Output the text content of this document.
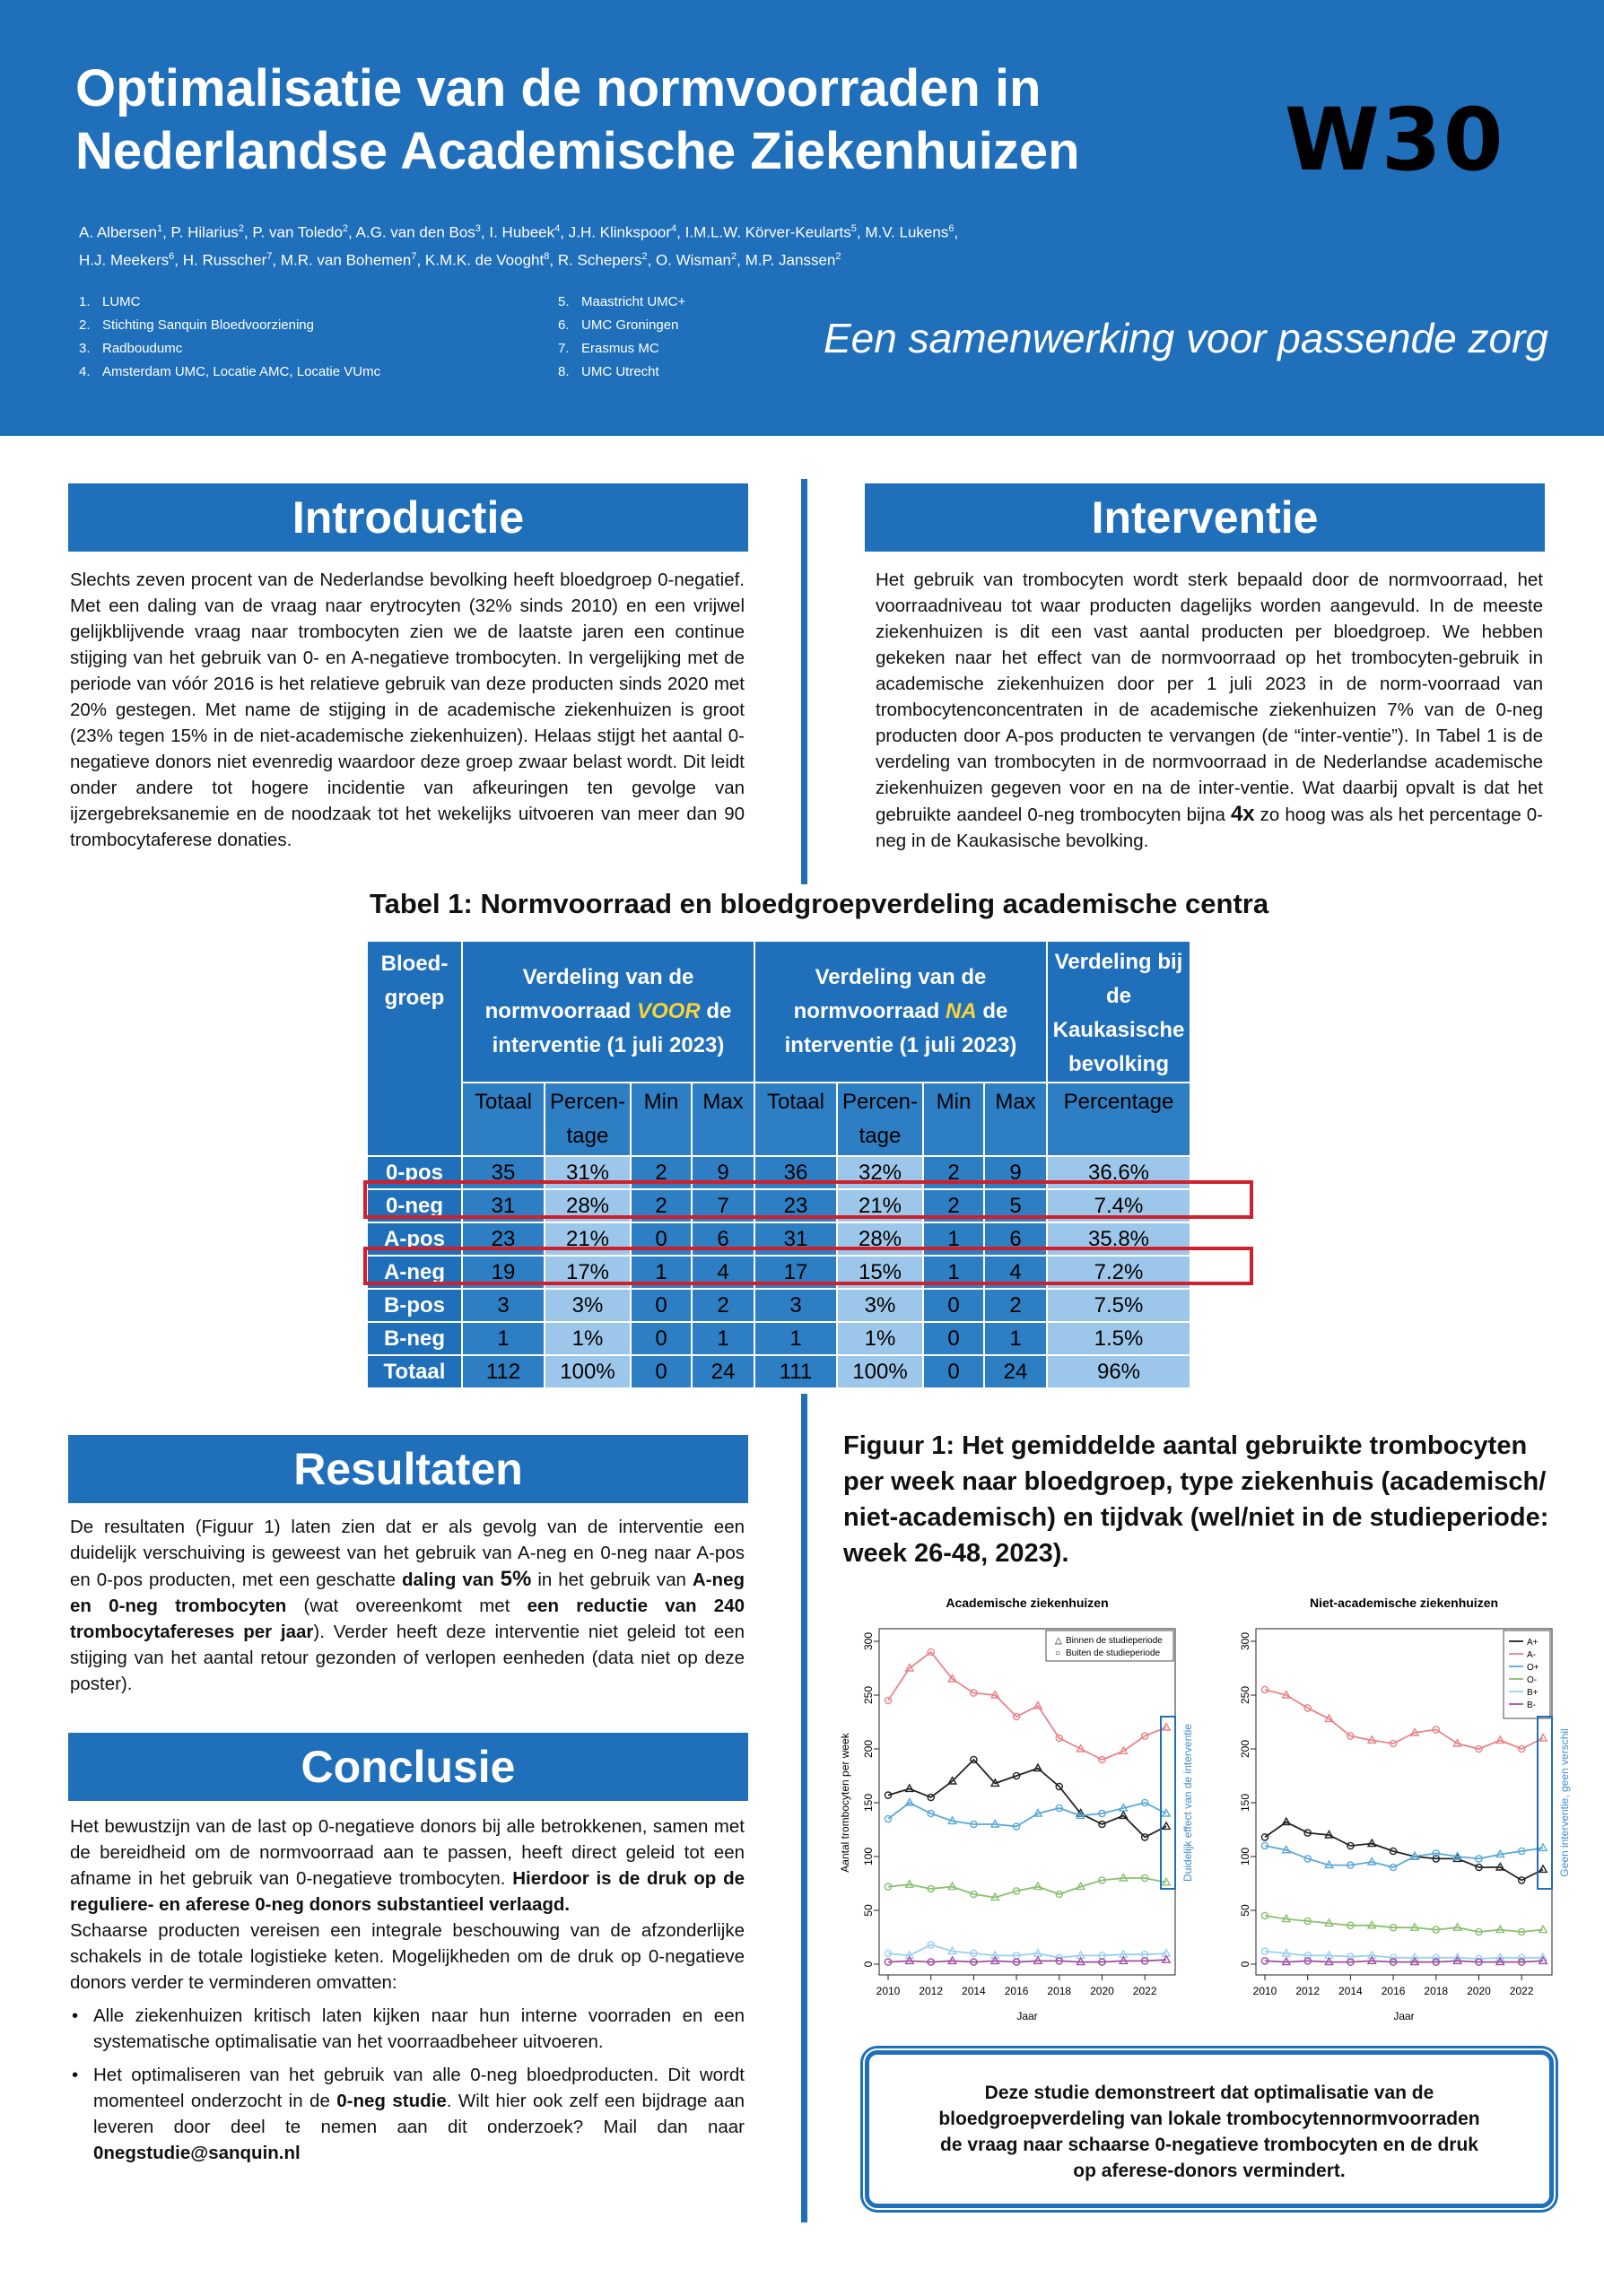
Optimalisatie van de normvoorraden in
Nederlandse Academische Ziekenhuizen	W30
A. Albersen$^1$, P. Hilarius$^2$, P. van Toledo$^2$, A.G. van den Bos$^3$, I. Hubeek$^4$, J.H. Klinkspoor$^4$, I.M.L.W. Körver-Keularts$^5$, M.V. Lukens$^6$,
H.J. Meekers$^6$, H. Russcher$^7$, M.R. van Bohemen$^7$, K.M.K. de Vooght$^8$, R. Schepers$^2$, O. Wisman$^2$, M.P. Janssen$^2$
1. LUMC
2. Stichting Sanquin Bloedvoorziening
3. Radboudumc
4. Amsterdam UMC, Locatie AMC, Locatie VUmc
5. Maastricht UMC+
6. UMC Groningen
7. Erasmus MC
8. UMC Utrecht
Een samenwerking voor passende zorg
Introductie
Slechts zeven procent van de Nederlandse bevolking heeft bloedgroep 0-negatief. Met een daling van de vraag naar erytrocyten (32% sinds 2010) en een vrijwel gelijkblijvende vraag naar trombocyten zien we de laatste jaren een continue stijging van het gebruik van 0- en A-negatieve trombocyten. In vergelijking met de periode van vóór 2016 is het relatieve gebruik van deze producten sinds 2020 met 20% gestegen. Met name de stijging in de academische ziekenhuizen is groot (23% tegen 15% in de niet-academische ziekenhuizen). Helaas stijgt het aantal 0-negatieve donors niet evenredig waardoor deze groep zwaar belast wordt. Dit leidt onder andere tot hogere incidentie van afkeuringen ten gevolge van ijzergebreksanemie en de noodzaak tot het wekelijks uitvoeren van meer dan 90 trombocytaferese donaties.
Interventie
Het gebruik van trombocyten wordt sterk bepaald door de normvoorraad, het voorraadniveau tot waar producten dagelijks worden aangevuld. In de meeste ziekenhuizen is dit een vast aantal producten per bloedgroep. We hebben gekeken naar het effect van de normvoorraad op het trombocyten-gebruik in academische ziekenhuizen door per 1 juli 2023 in de norm-voorraad van trombocytenconcentraten in de academische ziekenhuizen 7% van de 0-neg producten door A-pos producten te vervangen (de “inter-ventie”). In Tabel 1 is de verdeling van trombocyten in de normvoorraad in de Nederlandse academische ziekenhuizen gegeven voor en na de inter-ventie. Wat daarbij opvalt is dat het gebruikte aandeel 0-neg trombocyten bijna 4x zo hoog was als het percentage 0-neg in de Kaukasische bevolking.
Tabel 1: Normvoorraad en bloedgroepverdeling academische centra
Bloed-groep	Verdeling van de normvoorraad VOOR de interventie (1 juli 2023)				Verdeling van de normvoorraad NA de interventie (1 juli 2023)				Verdeling bij de Kaukasische bevolking
	Totaal	Percen-tage	Min	Max	Totaal	Percen-tage	Min	Max	Percentage
0-pos	35	31%	2	9	36	32%	2	9	36.6%
0-neg	31	28%	2	7	23	21%	2	5	7.4%
A-pos	23	21%	0	6	31	28%	1	6	35.8%
A-neg	19	17%	1	4	17	15%	1	4	7.2%
B-pos	3	3%	0	2	3	3%	0	2	7.5%
B-neg	1	1%	0	1	1	1%	0	1	1.5%
Totaal	112	100%	0	24	111	100%	0	24	96%
Resultaten
De resultaten (Figuur 1) laten zien dat er als gevolg van de interventie een duidelijk verschuiving is geweest van het gebruik van A-neg en 0-neg naar A-pos en 0-pos producten, met een geschatte daling van 5% in het gebruik van A-neg en 0-neg trombocyten (wat overeenkomt met een reductie van 240 trombocytafereses per jaar). Verder heeft deze interventie niet geleid tot een stijging van het aantal retour gezonden of verlopen eenheden (data niet op deze poster).
Conclusie
Het bewustzijn van de last op 0-negatieve donors bij alle betrokkenen, samen met de bereidheid om de normvoorraad aan te passen, heeft direct geleid tot een afname in het gebruik van 0-negatieve trombocyten. Hierdoor is de druk op de reguliere- en aferese 0-neg donors substantieel verlaagd.
Schaarse producten vereisen een integrale beschouwing van de afzonderlijke schakels in de totale logistieke keten. Mogelijkheden om de druk op 0-negatieve donors verder te verminderen omvatten:
• Alle ziekenhuizen kritisch laten kijken naar hun interne voorraden en een systematische optimalisatie van het voorraadbeheer uitvoeren.
• Het optimaliseren van het gebruik van alle 0-neg bloedproducten. Dit wordt momenteel onderzocht in de 0-neg studie. Wilt hier ook zelf een bijdrage aan leveren door deel te nemen aan dit onderzoek? Mail dan naar 0negstudie@sanquin.nl
Figuur 1: Het gemiddelde aantal gebruikte trombocyten per week naar bloedgroep, type ziekenhuis (academisch/ niet-academisch) en tijdvak (wel/niet in de studieperiode: week 26-48, 2023).
Academische ziekenhuizen
0
50
100
150
200
250
300
2010 2012 2014 2016 2018 2020 2022
Jaar
Aantal trombocyten per week
△ Binnen de studieperiode
○ Buiten de studieperiode
Duidelijk effect van de interventie
Niet-academische ziekenhuizen
0
50
100
150
200
250
300
2010 2012 2014 2016 2018 2020 2022
Jaar
A+
A-
O+
O-
B+
B-
Geen interventie, geen verschil
Deze studie demonstreert dat optimalisatie van de
bloedgroepverdeling van lokale trombocytennormvoorraden
de vraag naar schaarse 0-negatieve trombocyten en de druk
op aferese-donors vermindert.
